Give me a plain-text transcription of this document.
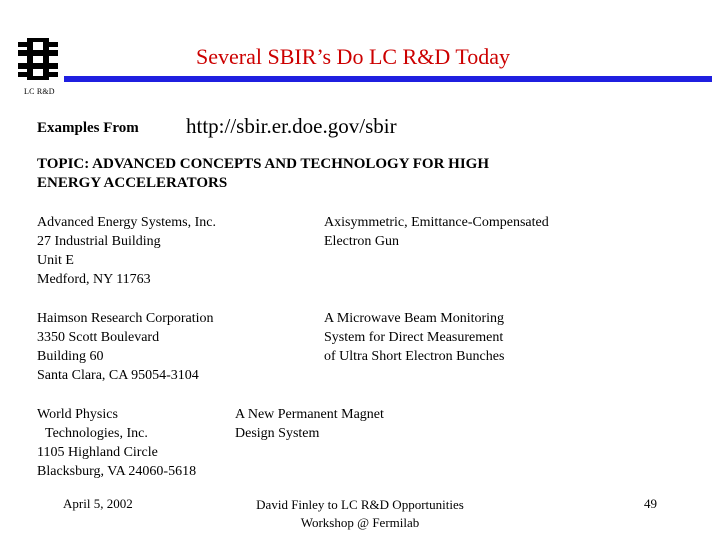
LC R&D
Several SBIR’s Do LC R&D Today
Examples From http://sbir.er.doe.gov/sbir
TOPIC: ADVANCED CONCEPTS AND TECHNOLOGY FOR HIGH
ENERGY ACCELERATORS
Advanced Energy Systems, Inc.
27 Industrial Building
Unit E
Medford, NY 11763
Axisymmetric, Emittance-Compensated
Electron Gun
Haimson Research Corporation
3350 Scott Boulevard
Building 60
Santa Clara, CA 95054-3104
A Microwave Beam Monitoring
System for Direct Measurement
of Ultra Short Electron Bunches
World Physics
Technologies, Inc.
1105 Highland Circle
Blacksburg, VA 24060-5618
A New Permanent Magnet
Design System
April 5, 2002	David Finley to LC R&D Opportunities
Workshop @ Fermilab
49
